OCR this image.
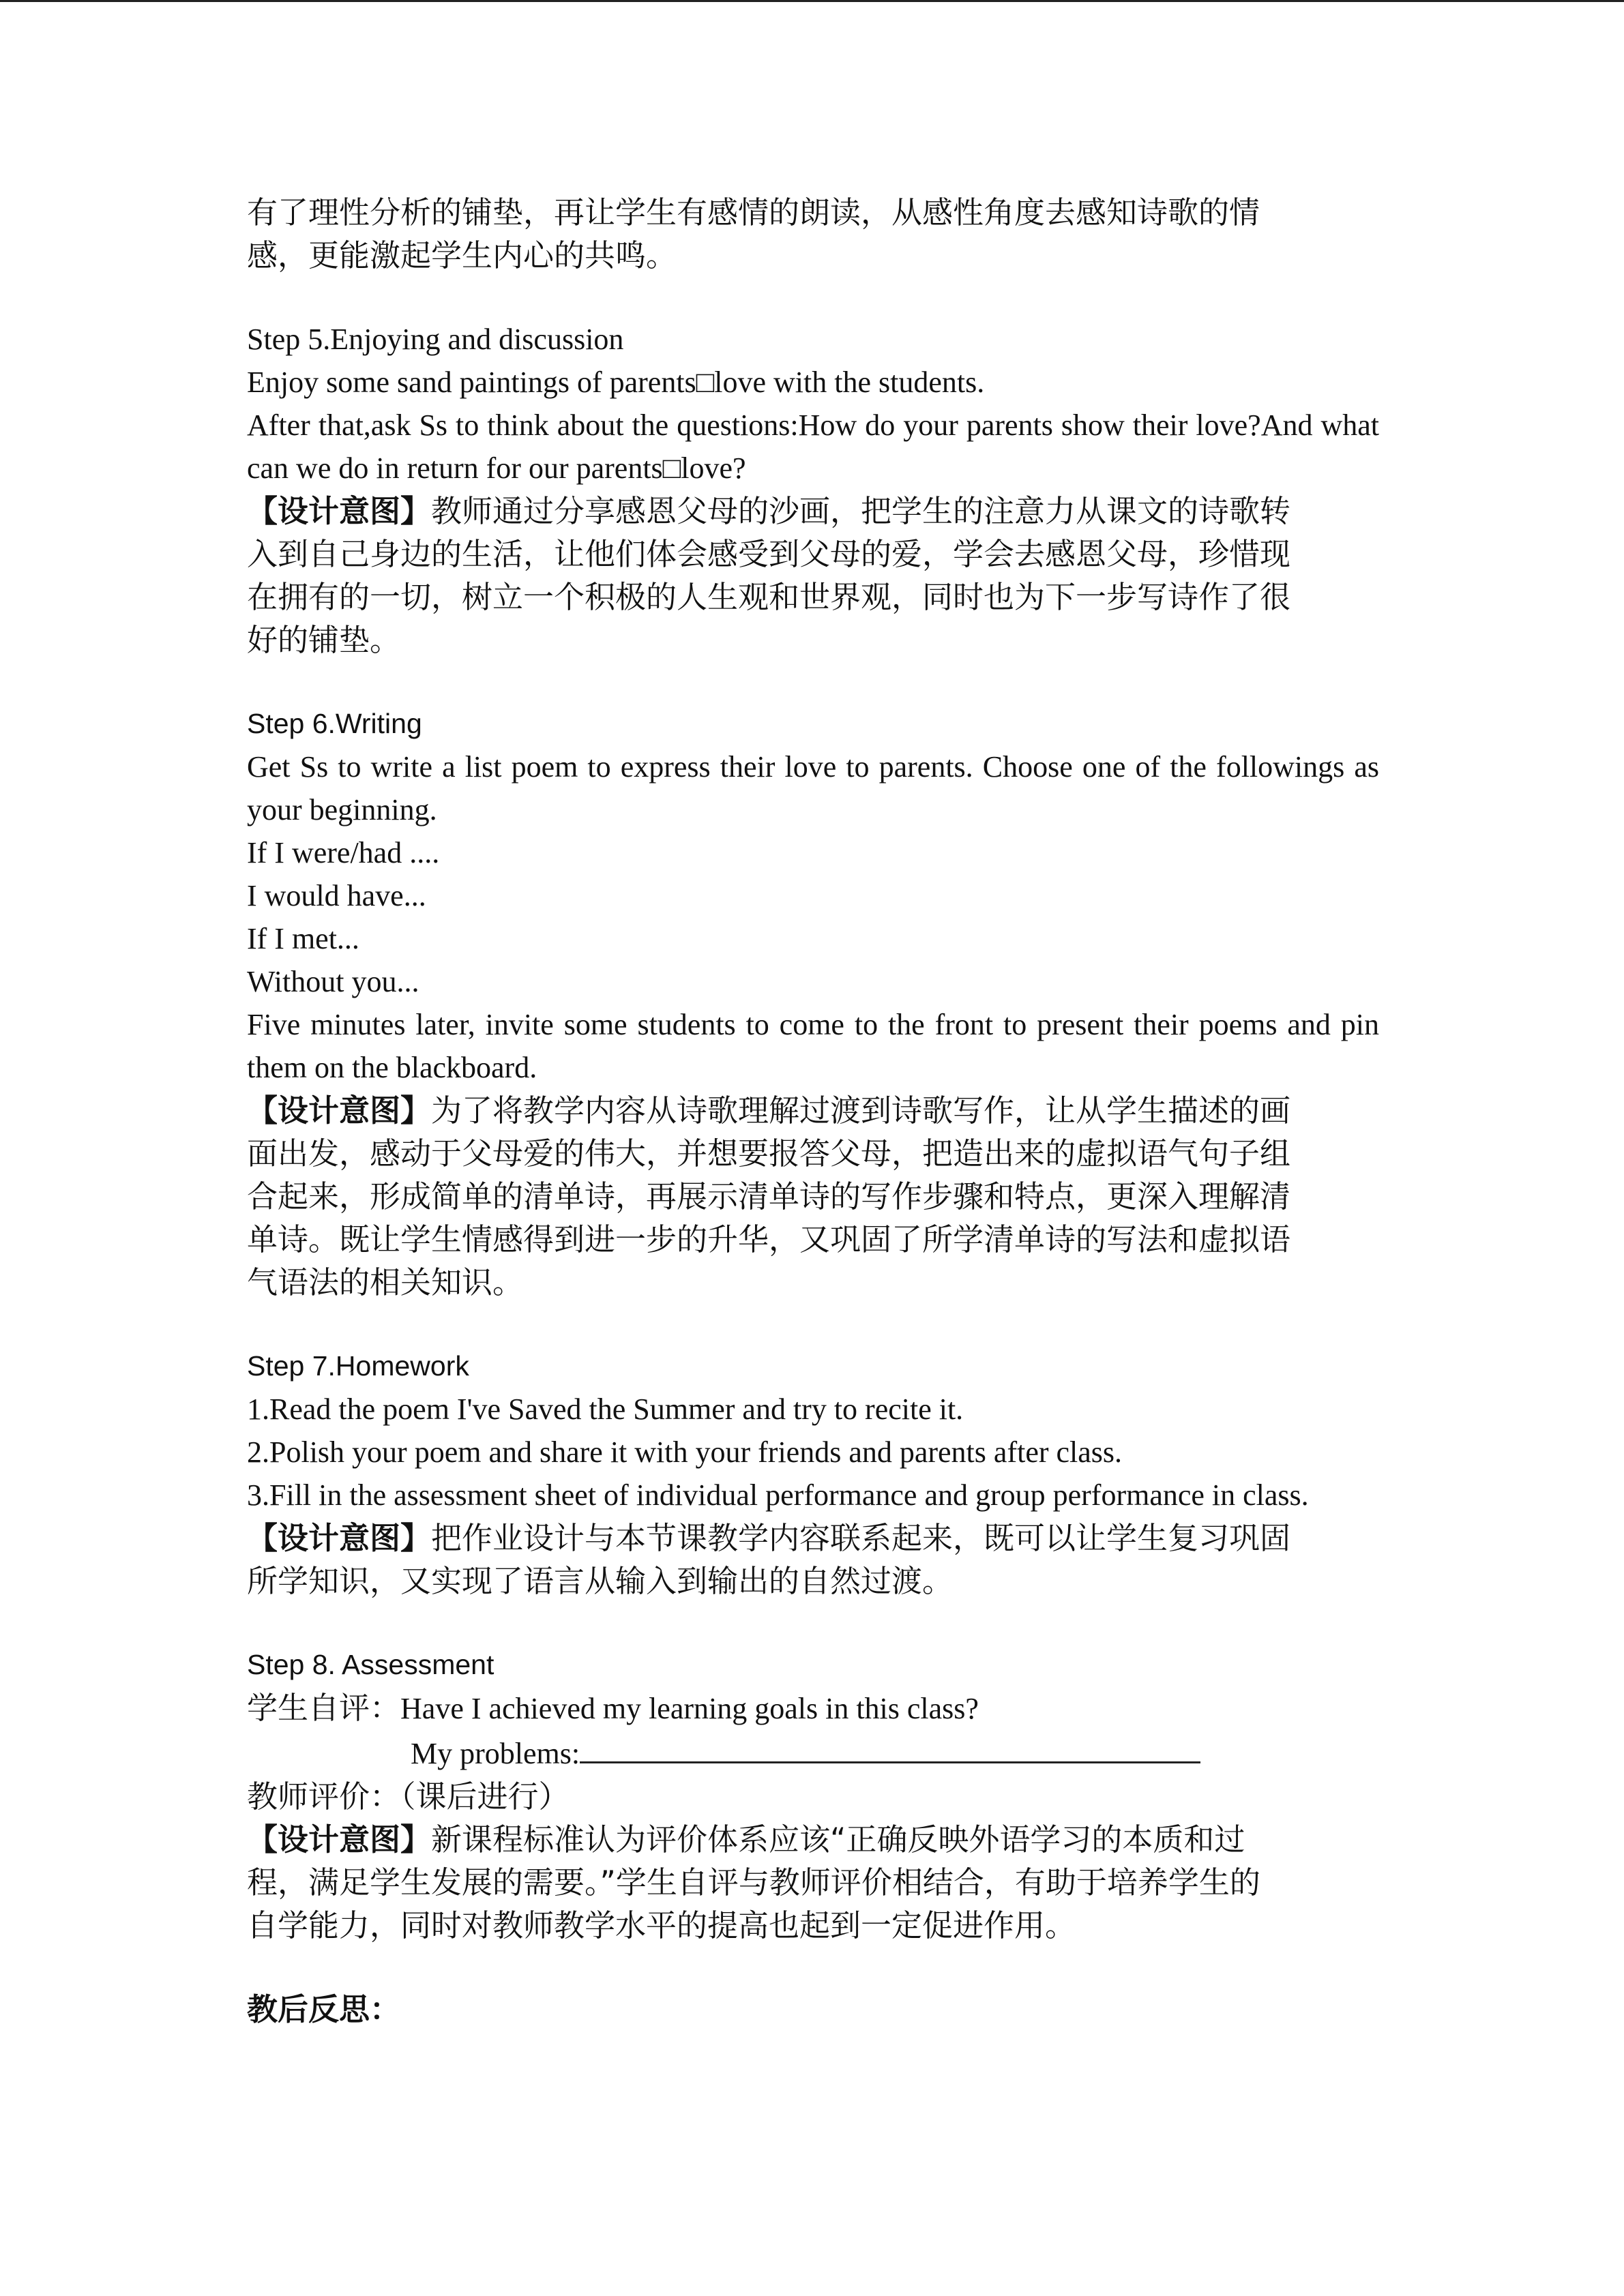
有了理性分析的铺垫，再让学生有感情的朗读，从感性角度去感知诗歌的情
感，更能激起学生内心的共鸣。
Step 5.Enjoying and discussion
Enjoy some sand paintings of parents□love with the students.
After that,ask Ss to think about the questions:How do your parents show their love?And what can we do in return for our parents□love?
【设计意图】教师通过分享感恩父母的沙画，把学生的注意力从课文的诗歌转
入到自己身边的生活，让他们体会感受到父母的爱，学会去感恩父母，珍惜现
在拥有的一切，树立一个积极的人生观和世界观，同时也为下一步写诗作了很
好的铺垫。
Step 6.Writing
Get Ss to write a list poem to express their love to parents. Choose one of the followings as your beginning.
If I were/had ....
I would have...
If I met...
Without you...
Five minutes later, invite some students to come to the front to present their poems and pin them on the blackboard.
【设计意图】为了将教学内容从诗歌理解过渡到诗歌写作，让从学生描述的画
面出发，感动于父母爱的伟大，并想要报答父母，把造出来的虚拟语气句子组
合起来，形成简单的清单诗，再展示清单诗的写作步骤和特点，更深入理解清
单诗。既让学生情感得到进一步的升华，又巩固了所学清单诗的写法和虚拟语
气语法的相关知识。
Step 7.Homework
1.Read the poem I've Saved the Summer and try to recite it.
2.Polish your poem and share it with your friends and parents after class.
3.Fill in the assessment sheet of individual performance and group performance in class.
【设计意图】把作业设计与本节课教学内容联系起来，既可以让学生复习巩固
所学知识，又实现了语言从输入到输出的自然过渡。
Step 8. Assessment
学生自评：Have I achieved my learning goals in this class?
My problems:
教师评价：（课后进行）
【设计意图】新课程标准认为评价体系应该“正确反映外语学习的本质和过
程，满足学生发展的需要。”学生自评与教师评价相结合，有助于培养学生的
自学能力，同时对教师教学水平的提高也起到一定促进作用。
教后反思：
